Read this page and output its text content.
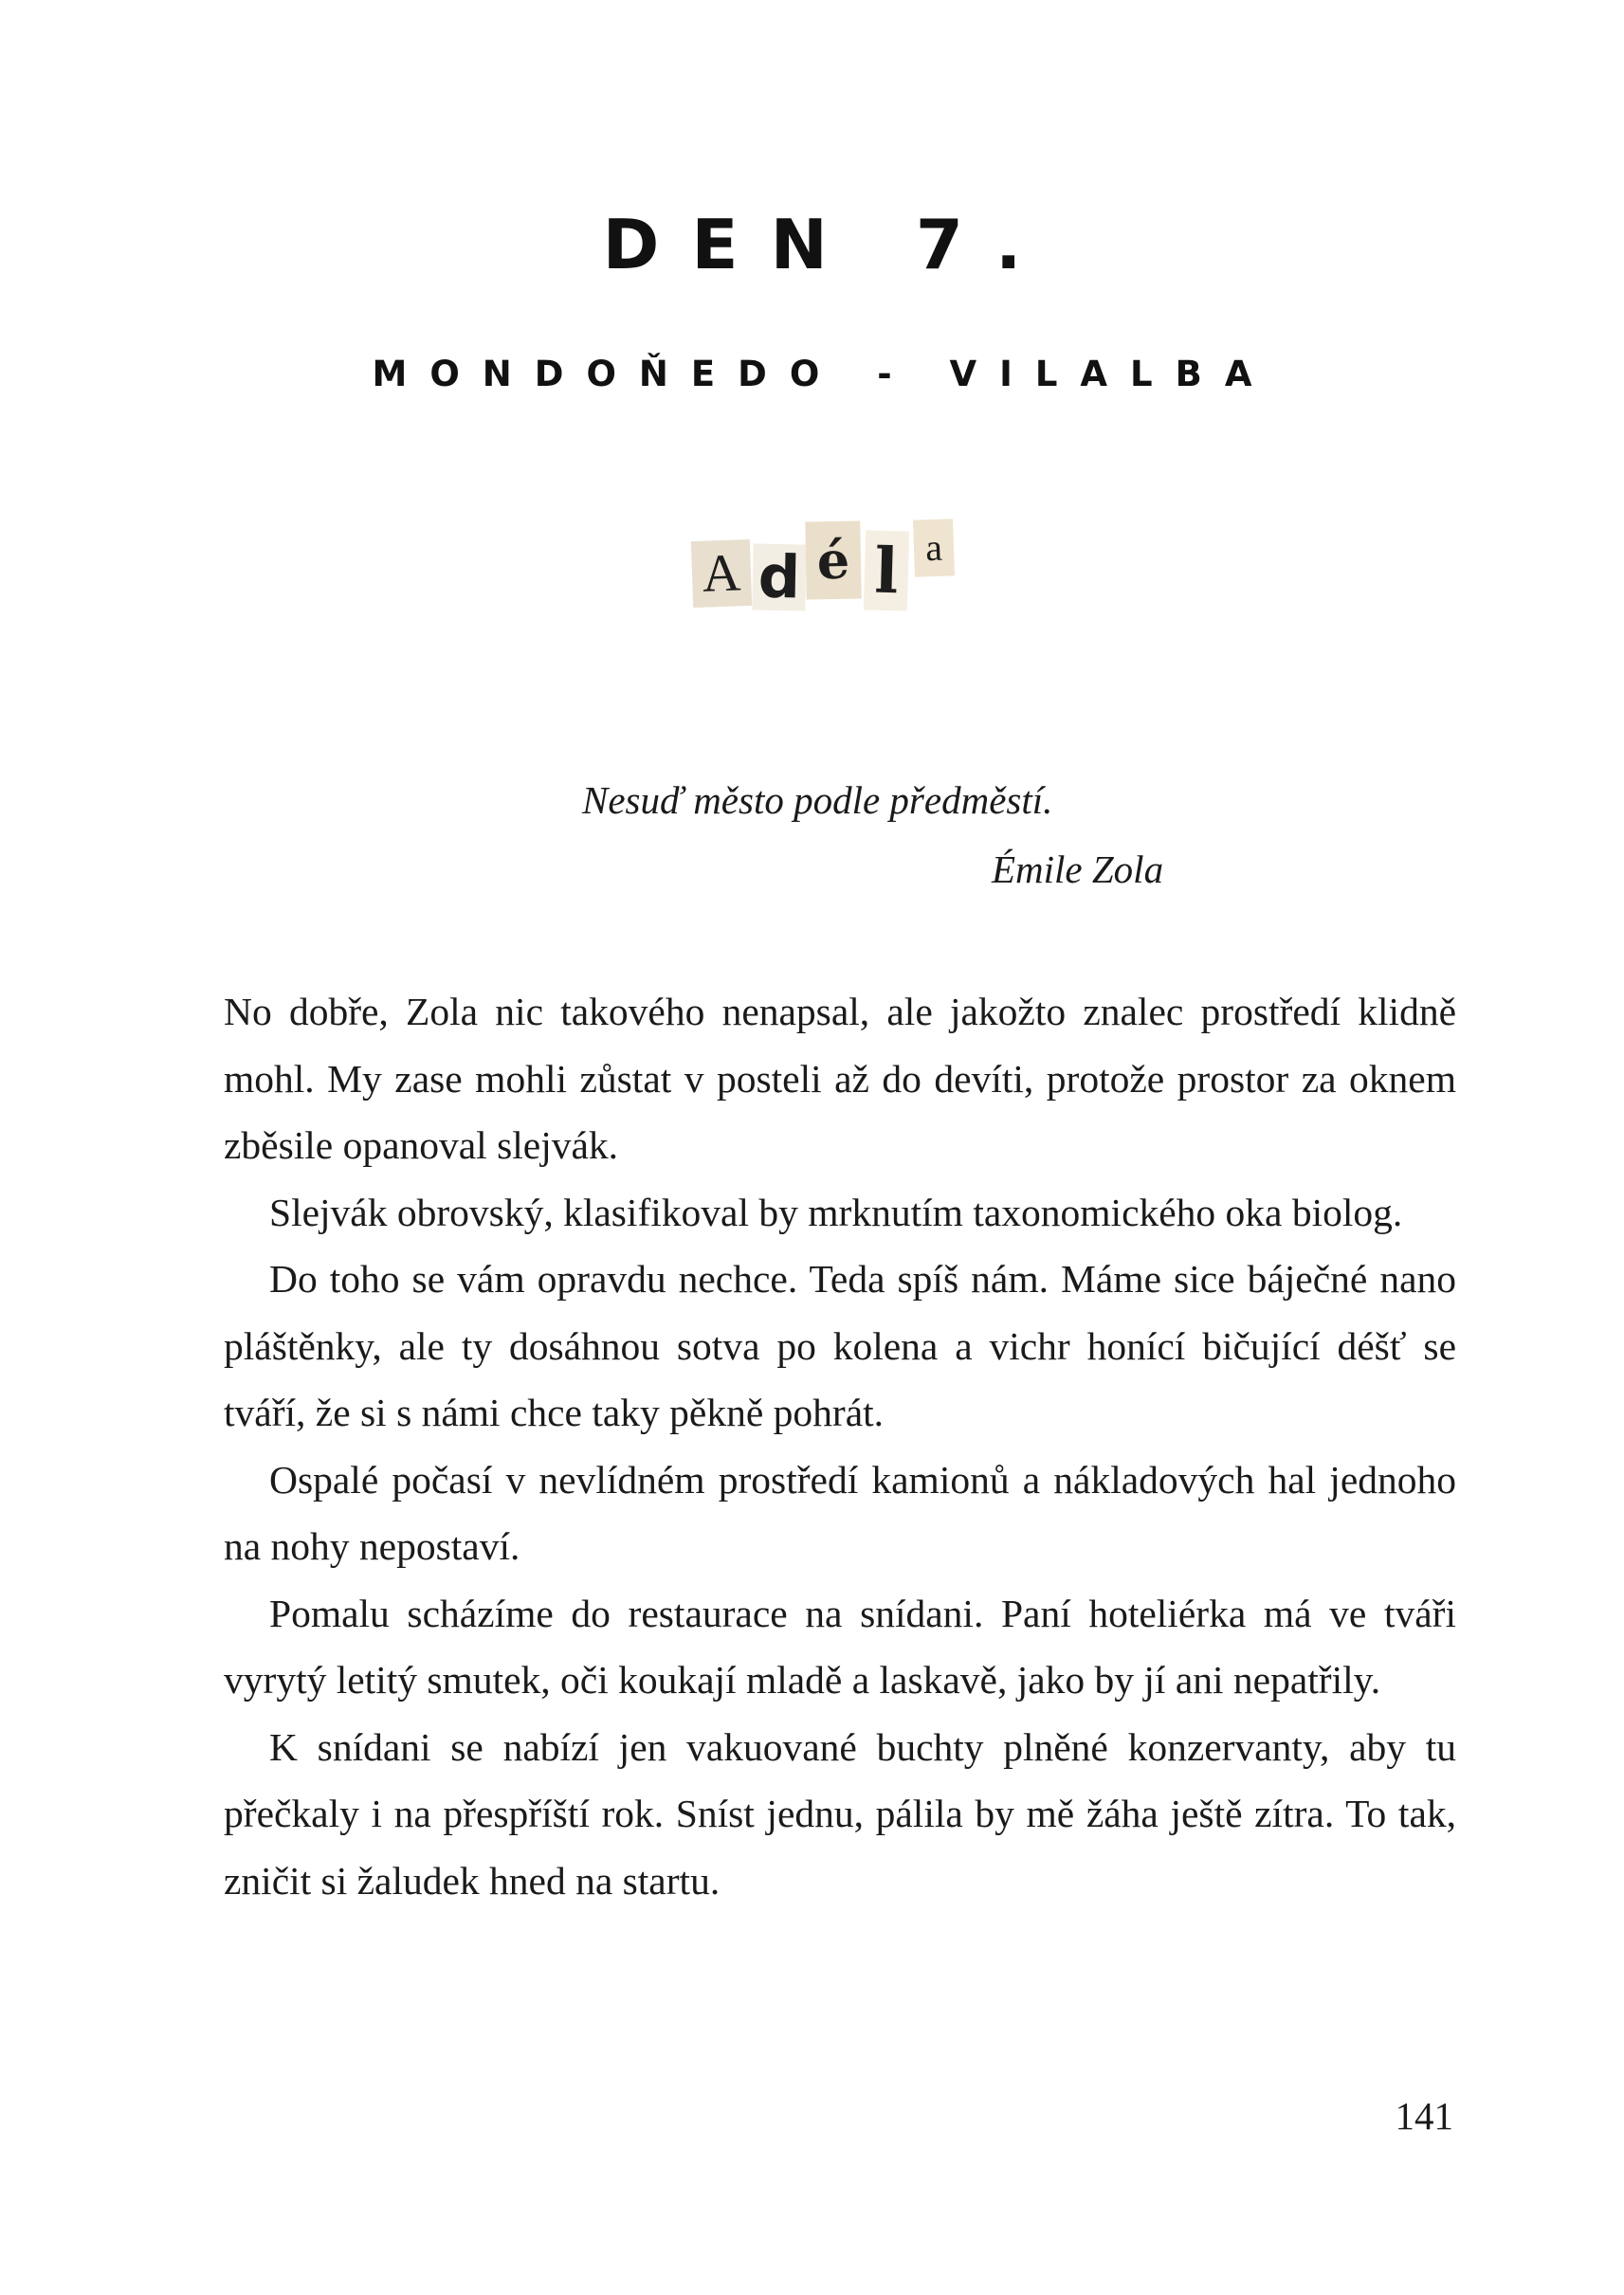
DEN 7.
MONDOŇEDO - VILALBA
A d é l a
Nesuď město podle předměstí.
Émile Zola

No dobře, Zola nic takového nenapsal, ale jakožto znalec prostředí klidně mohl. My zase mohli zůstat v posteli až do devíti, protože prostor za oknem zběsile opanoval slejvák.

Slejvák obrovský, klasifikoval by mrknutím taxonomického oka biolog.

Do toho se vám opravdu nechce. Teda spíš nám. Máme sice báječné nano pláštěnky, ale ty dosáhnou sotva po kolena a vichr honící bičující déšť se tváří, že si s námi chce taky pěkně pohrát.

Ospalé počasí v nevlídném prostředí kamionů a nákladových hal jednoho na nohy nepostaví.

Pomalu scházíme do restaurace na snídani. Paní hoteliérka má ve tváři vyrytý letitý smutek, oči koukají mladě a laskavě, jako by jí ani nepatřily.

K snídani se nabízí jen vakuované buchty plněné konzervanty, aby tu přečkaly i na přespříští rok. Sníst jednu, pálila by mě žáha ještě zítra. To tak, zničit si žaludek hned na startu.

141
